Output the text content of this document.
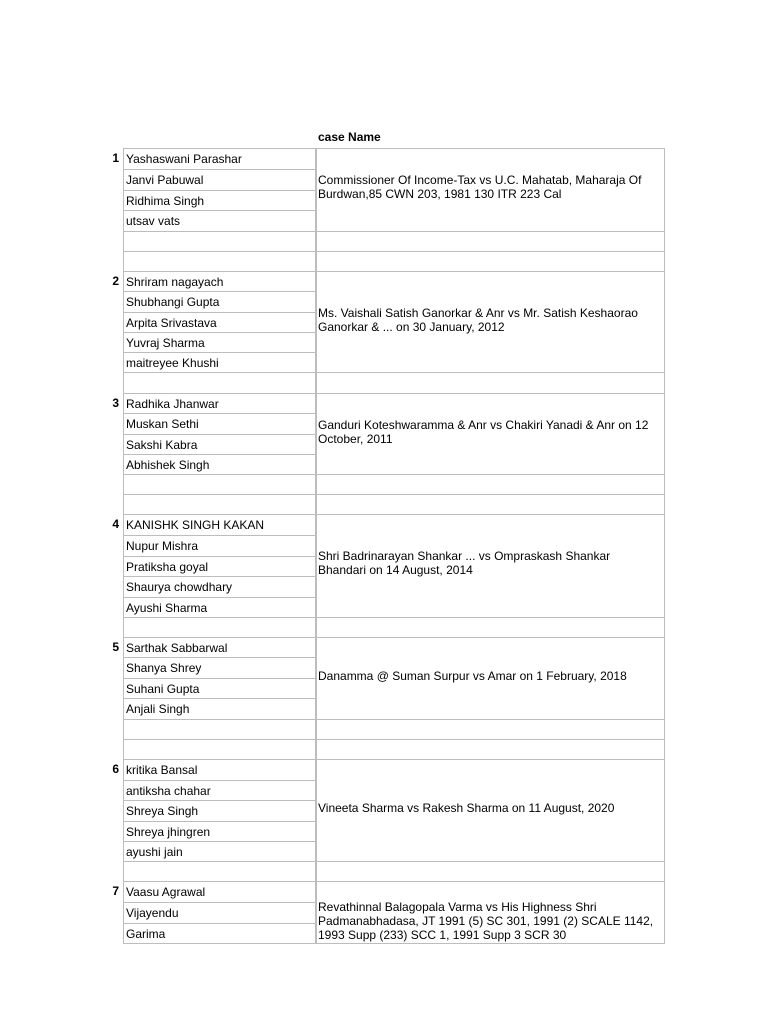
case Name
1 Yashaswani Parashar
Janvi Pabuwal
Ridhima Singh
utsav vats
Commissioner Of Income-Tax vs U.C. Mahatab, Maharaja Of Burdwan,85 CWN 203, 1981 130 ITR 223 Cal
2 Shriram nagayach
Shubhangi Gupta
Arpita Srivastava
Yuvraj Sharma
maitreyee Khushi
Ms. Vaishali Satish Ganorkar & Anr vs Mr. Satish Keshaorao Ganorkar & ... on 30 January, 2012
3 Radhika Jhanwar
Muskan Sethi
Sakshi Kabra
Abhishek Singh
Ganduri Koteshwaramma & Anr vs Chakiri Yanadi & Anr on 12 October, 2011
4 KANISHK SINGH KAKAN
Nupur Mishra
Pratiksha goyal
Shaurya chowdhary
Ayushi Sharma
Shri Badrinarayan Shankar ... vs Ompraskash Shankar Bhandari on 14 August, 2014
5 Sarthak Sabbarwal
Shanya Shrey
Suhani Gupta
Anjali Singh
Danamma @ Suman Surpur vs Amar on 1 February, 2018
6 kritika Bansal
antiksha chahar
Shreya Singh
Shreya jhingren
ayushi jain
Vineeta Sharma vs Rakesh Sharma on 11 August, 2020
7 Vaasu Agrawal
Vijayendu
Garima
Revathinnal Balagopala Varma vs His Highness Shri Padmanabhadasa, JT 1991 (5) SC 301, 1991 (2) SCALE 1142, 1993 Supp (233) SCC 1, 1991 Supp 3 SCR 30
